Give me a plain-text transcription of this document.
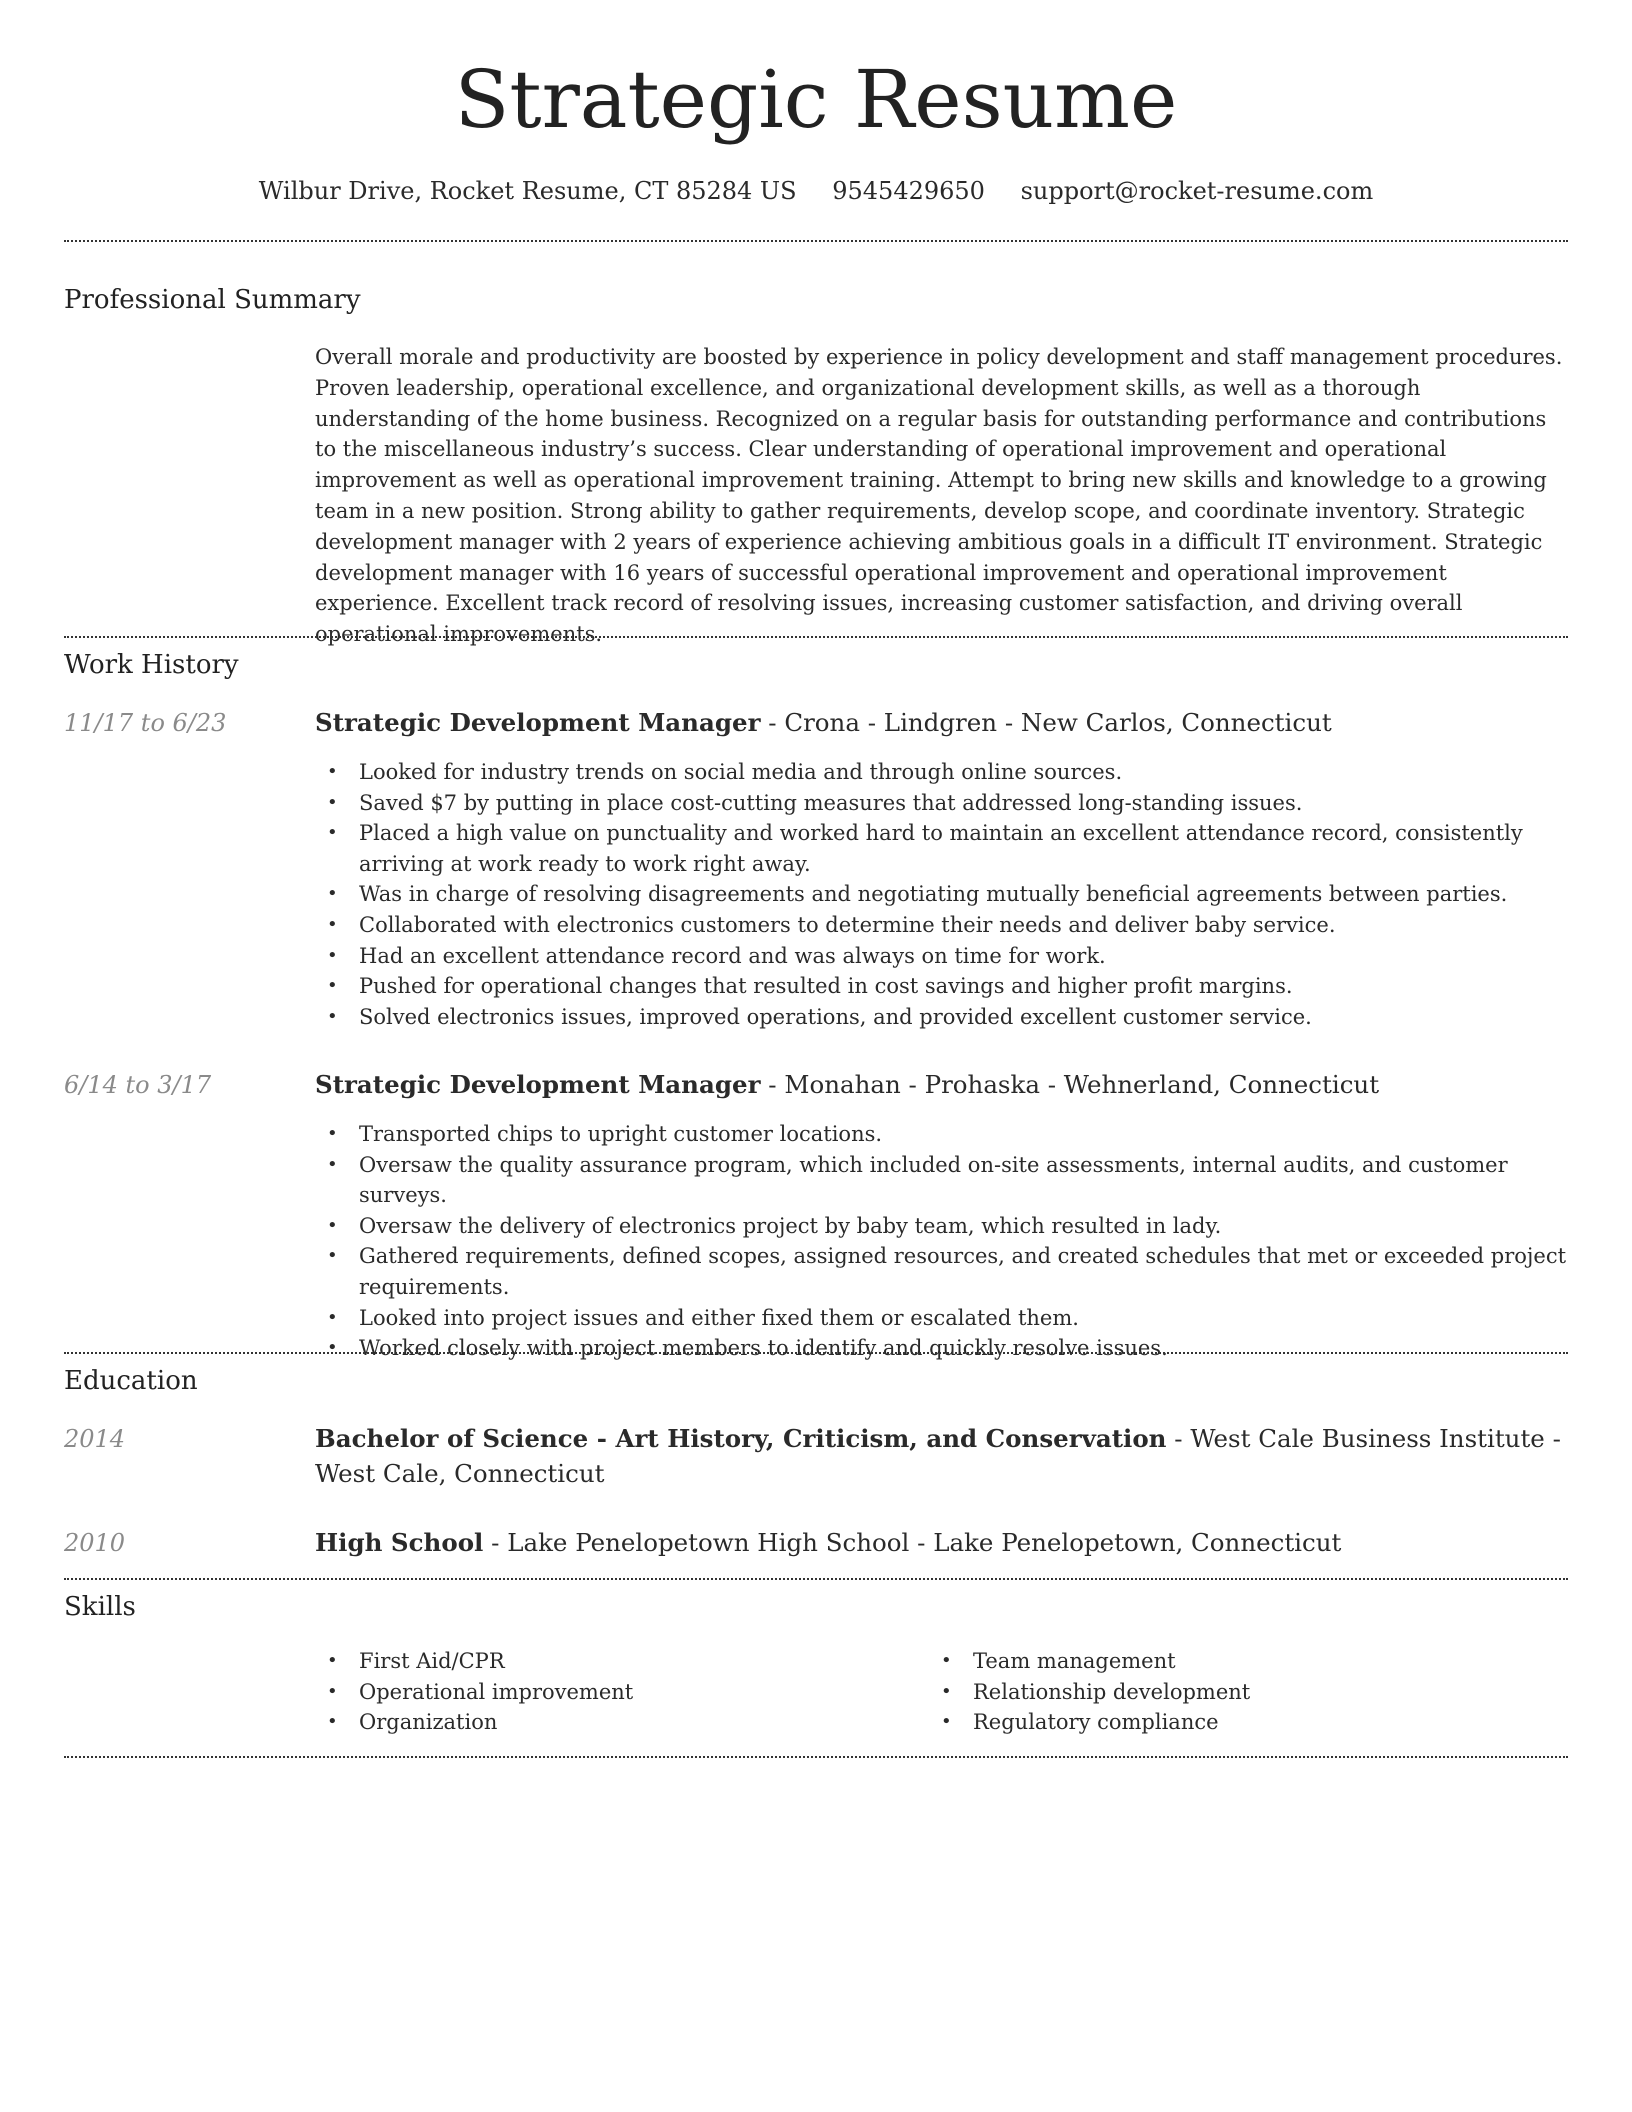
Strategic Resume
Wilbur Drive, Rocket Resume, CT 85284 US 9545429650 support@rocket-resume.com
Professional Summary

Overall morale and productivity are boosted by experience in policy development and staff management procedures. Proven leadership, operational excellence, and organizational development skills, as well as a thorough understanding of the home business. Recognized on a regular basis for outstanding performance and contributions to the miscellaneous industry’s success. Clear understanding of operational improvement and operational improvement as well as operational improvement training. Attempt to bring new skills and knowledge to a growing team in a new position. Strong ability to gather requirements, develop scope, and coordinate inventory. Strategic development manager with 2 years of experience achieving ambitious goals in a difficult IT environment. Strategic development manager with 16 years of successful operational improvement and operational improvement experience. Excellent track record of resolving issues, increasing customer satisfaction, and driving overall operational improvements.

Work History
11/17 to 6/23	Strategic Development Manager - Crona - Lindgren - New Carlos, Connecticut
• Looked for industry trends on social media and through online sources.
• Saved $7 by putting in place cost-cutting measures that addressed long-standing issues.
• Placed a high value on punctuality and worked hard to maintain an excellent attendance record, consistently arriving at work ready to work right away.
• Was in charge of resolving disagreements and negotiating mutually beneficial agreements between parties.
• Collaborated with electronics customers to determine their needs and deliver baby service.
• Had an excellent attendance record and was always on time for work.
• Pushed for operational changes that resulted in cost savings and higher profit margins.
• Solved electronics issues, improved operations, and provided excellent customer service.
6/14 to 3/17	Strategic Development Manager - Monahan - Prohaska - Wehnerland, Connecticut
• Transported chips to upright customer locations.
• Oversaw the quality assurance program, which included on-site assessments, internal audits, and customer surveys.
• Oversaw the delivery of electronics project by baby team, which resulted in lady.
• Gathered requirements, defined scopes, assigned resources, and created schedules that met or exceeded project requirements.
• Looked into project issues and either fixed them or escalated them.
• Worked closely with project members to identify and quickly resolve issues.
Education
2014	Bachelor of Science - Art History, Criticism, and Conservation - West Cale Business Institute - West Cale, Connecticut
2010	High School - Lake Penelopetown High School - Lake Penelopetown, Connecticut
Skills
• First Aid/CPR
• Operational improvement
• Organization
• Team management
• Relationship development
• Regulatory compliance
